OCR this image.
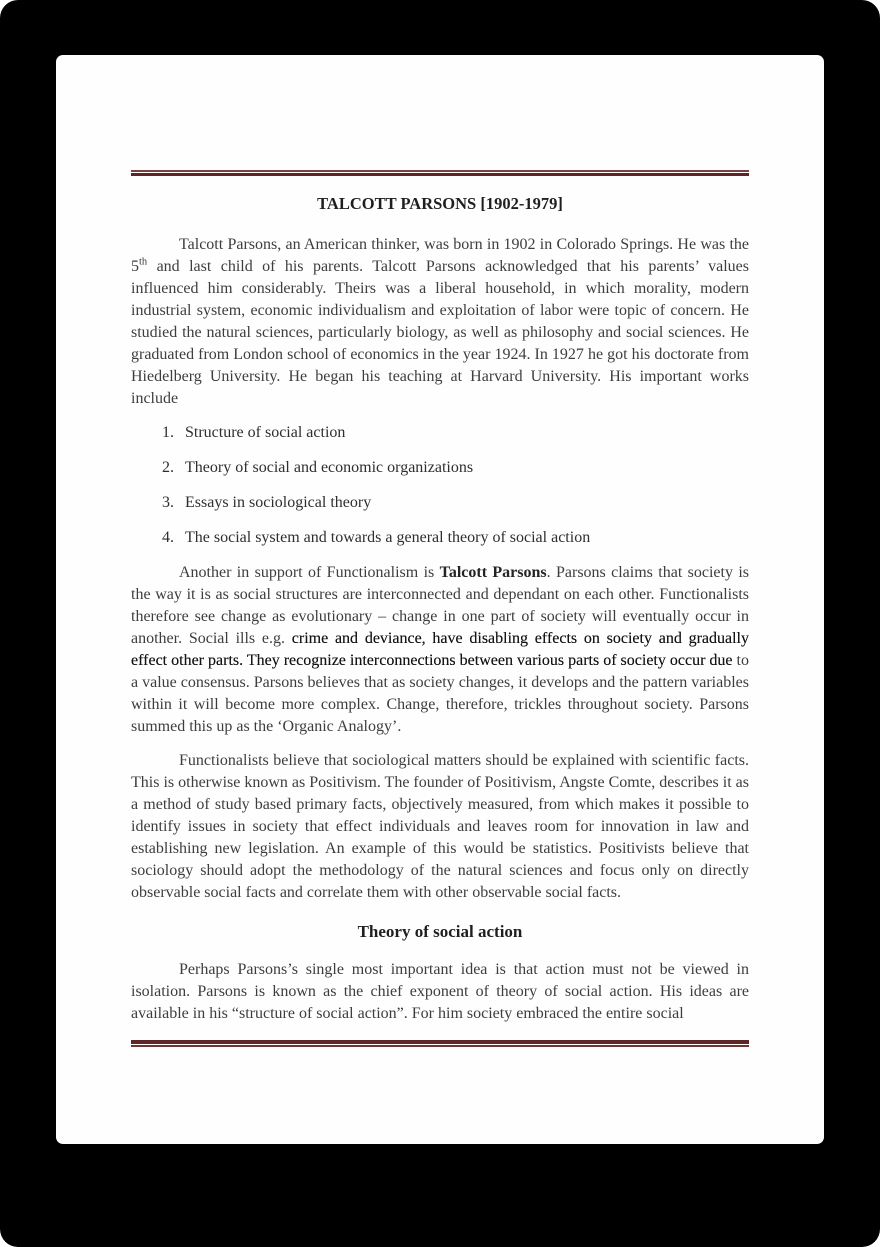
TALCOTT PARSONS [1902-1979]

Talcott Parsons, an American thinker, was born in 1902 in Colorado Springs. He was the 5th and last child of his parents. Talcott Parsons acknowledged that his parents’ values influenced him considerably. Theirs was a liberal household, in which morality, modern industrial system, economic individualism and exploitation of labor were topic of concern. He studied the natural sciences, particularly biology, as well as philosophy and social sciences. He graduated from London school of economics in the year 1924. In 1927 he got his doctorate from Hiedelberg University. He began his teaching at Harvard University. His important works include

1. Structure of social action
2. Theory of social and economic organizations
3. Essays in sociological theory
4. The social system and towards a general theory of social action

Another in support of Functionalism is Talcott Parsons. Parsons claims that society is the way it is as social structures are interconnected and dependant on each other. Functionalists therefore see change as evolutionary – change in one part of society will eventually occur in another. Social ills e.g. crime and deviance, have disabling effects on society and gradually effect other parts. They recognize interconnections between various parts of society occur due to a value consensus. Parsons believes that as society changes, it develops and the pattern variables within it will become more complex. Change, therefore, trickles throughout society. Parsons summed this up as the ‘Organic Analogy’.

Functionalists believe that sociological matters should be explained with scientific facts. This is otherwise known as Positivism. The founder of Positivism, Angste Comte, describes it as a method of study based primary facts, objectively measured, from which makes it possible to identify issues in society that effect individuals and leaves room for innovation in law and establishing new legislation. An example of this would be statistics. Positivists believe that sociology should adopt the methodology of the natural sciences and focus only on directly observable social facts and correlate them with other observable social facts.

Theory of social action

Perhaps Parsons’s single most important idea is that action must not be viewed in isolation. Parsons is known as the chief exponent of theory of social action. His ideas are available in his “structure of social action”. For him society embraced the entire social
